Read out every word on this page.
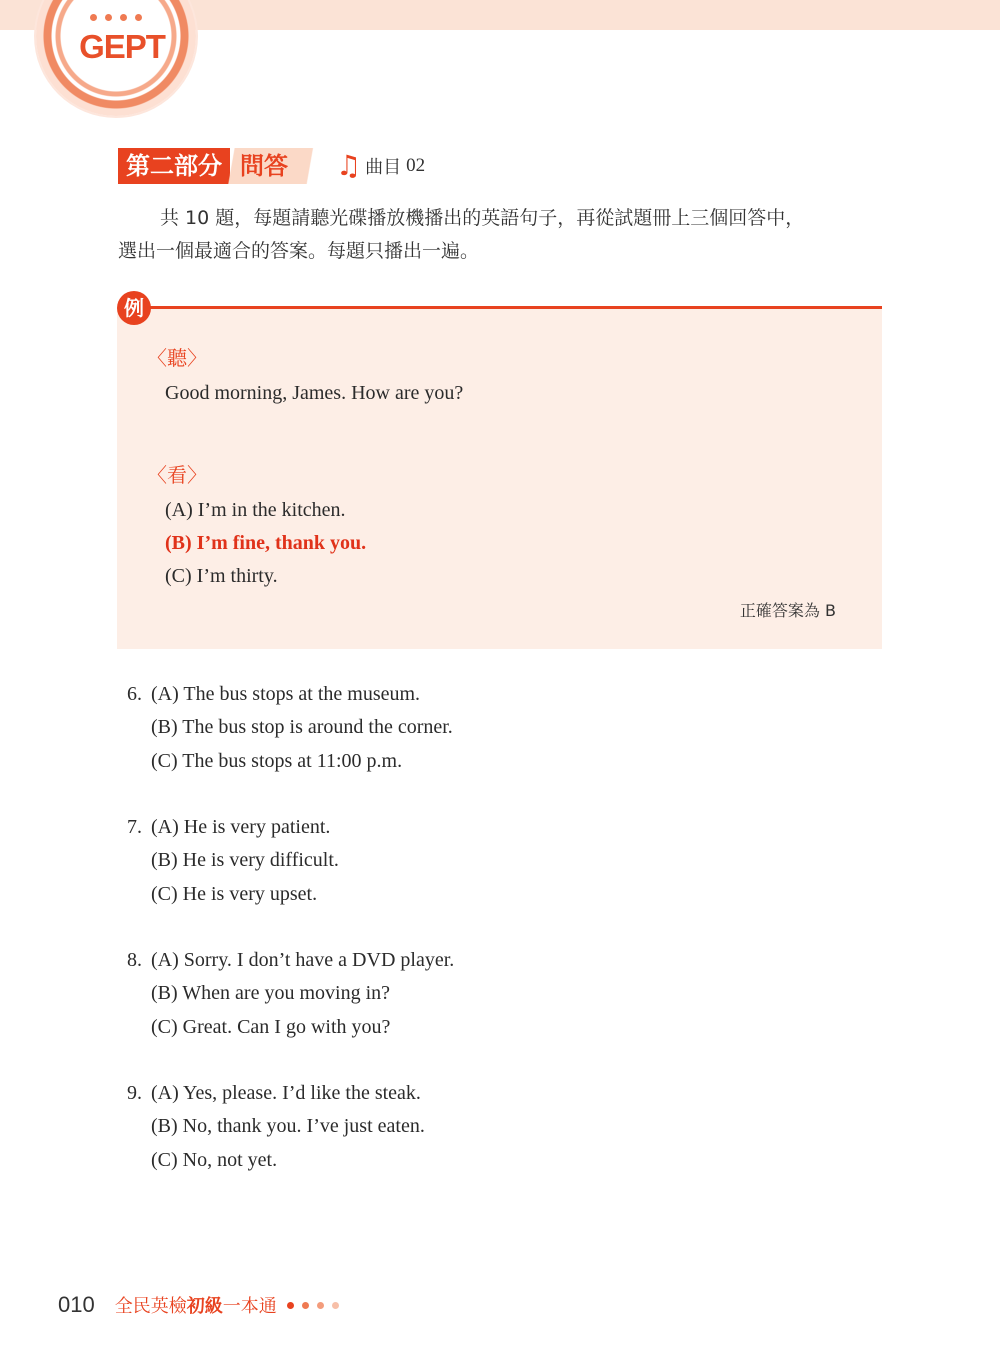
GEPT
第二部分 問答	♫ 曲目 02

共 10 題，每題請聽光碟播放機播出的英語句子，再從試題冊上三個回答中，

選出一個最適合的答案。每題只播出一遍。

例
〈聽〉
Good morning, James. How are you?
〈看〉
(A) I’m in the kitchen.
(B) I’m fine, thank you.
(C) I’m thirty.
正確答案為 B
6. (A) The bus stops at the museum.
(B) The bus stop is around the corner.
(C) The bus stops at 11:00 p.m.
7. (A) He is very patient.
(B) He is very difficult.
(C) He is very upset.
8. (A) Sorry. I don’t have a DVD player.
(B) When are you moving in?
(C) Great. Can I go with you?
9. (A) Yes, please. I’d like the steak.
(B) No, thank you. I’ve just eaten.
(C) No, not yet.
010 全民英檢初級一本通
